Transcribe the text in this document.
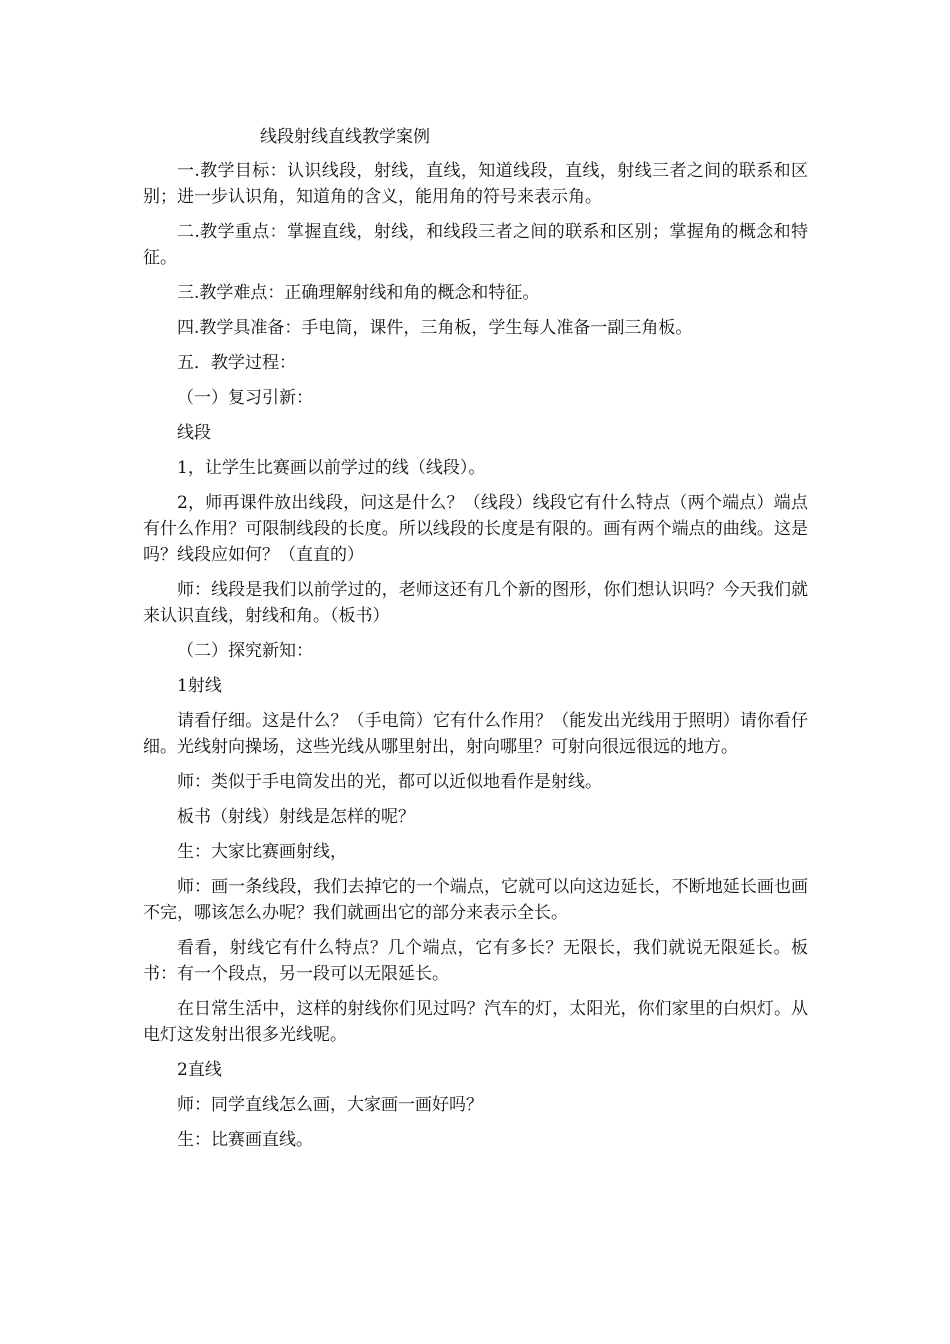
线段射线直线教学案例

一.教学目标：认识线段，射线，直线，知道线段，直线，射线三者之间的联系和区别；进一步认识角，知道角的含义，能用角的符号来表示角。

二.教学重点：掌握直线，射线，和线段三者之间的联系和区别；掌握角的概念和特征。

三.教学难点：正确理解射线和角的概念和特征。

四.教学具准备：手电筒，课件，三角板，学生每人准备一副三角板。

五．教学过程：

（一）复习引新：

线段

1，让学生比赛画以前学过的线（线段）。

2，师再课件放出线段，问这是什么？（线段）线段它有什么特点（两个端点）端点有什么作用？可限制线段的长度。所以线段的长度是有限的。画有两个端点的曲线。这是吗？线段应如何？（直直的）

师：线段是我们以前学过的，老师这还有几个新的图形，你们想认识吗？今天我们就来认识直线，射线和角。（板书）

（二）探究新知：

1射线

请看仔细。这是什么？（手电筒）它有什么作用？（能发出光线用于照明）请你看仔细。光线射向操场，这些光线从哪里射出，射向哪里？可射向很远很远的地方。

师：类似于手电筒发出的光，都可以近似地看作是射线。

板书（射线）射线是怎样的呢？

生：大家比赛画射线，

师：画一条线段，我们去掉它的一个端点，它就可以向这边延长，不断地延长画也画不完，哪该怎么办呢？我们就画出它的部分来表示全长。

看看，射线它有什么特点？几个端点，它有多长？无限长，我们就说无限延长。板书：有一个段点，另一段可以无限延长。

在日常生活中，这样的射线你们见过吗？汽车的灯，太阳光，你们家里的白炽灯。从电灯这发射出很多光线呢。

2直线

师：同学直线怎么画，大家画一画好吗？

生：比赛画直线。
